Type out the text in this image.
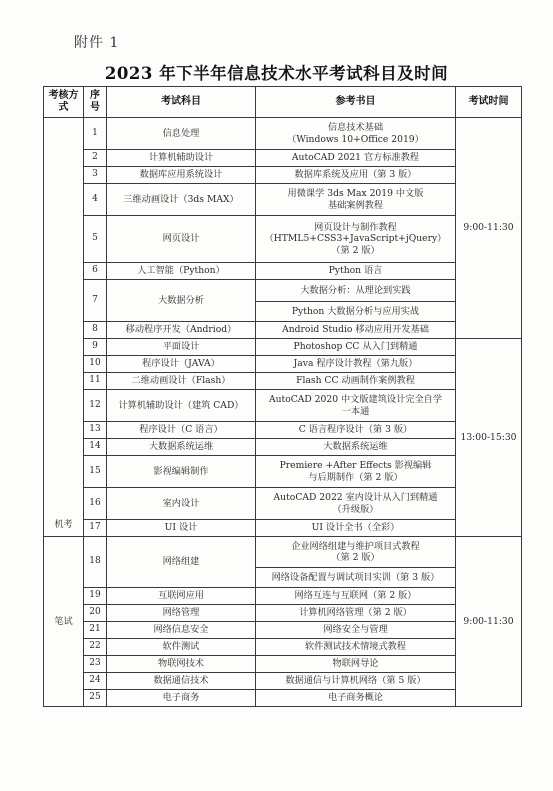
附件 1
2023 年下半年信息技术水平考试科目及时间
考核方式	序号	考试科目	参考书目	考试时间
机考	1	信息处理	信息技术基础
（Windows 10+Office 2019）	9:00-11:30
	2	计算机辅助设计	AutoCAD 2021 官方标准教程	

	3	数据库应用系统设计	数据库系统及应用（第 3 版）	

	4	三维动画设计（3ds MAX）	用微课学 3ds Max 2019 中文版
基础案例教程	

	5	网页设计	网页设计与制作教程
（HTML5+CSS3+JavaScript+jQuery）
（第 2 版）	

	6	人工智能（Python）	Python 语言	

	7	大数据分析	大数据分析：从理论到实践	

			Python 大数据分析与应用实战	

	8	移动程序开发（Andriod）	Android Studio 移动应用开发基础	

	9	平面设计	Photoshop CC 从入门到精通	13:00-15:30
	10	程序设计（JAVA）	Java 程序设计教程（第九版）	

	11	二维动画设计（Flash）	Flash CC 动画制作案例教程	

	12	计算机辅助设计（建筑 CAD）	AutoCAD 2020 中文版建筑设计完全自学
一本通	

	13	程序设计（C 语言）	C 语言程序设计（第 3 版）	

	14	大数据系统运维	大数据系统运维	

	15	影视编辑制作	Premiere +After Effects 影视编辑
与后期制作（第 2 版）	

	16	室内设计	AutoCAD 2022 室内设计从入门到精通
（升级版）	

	17	UI 设计	UI 设计全书（全彩）	

笔试	18	网络组建	企业网络组建与维护项目式教程
（第 2 版）	9:00-11:30

			网络设备配置与调试项目实训（第 3 版）	

	19	互联网应用	网络互连与互联网（第 2 版）	

	20	网络管理	计算机网络管理（第 2 版）	

	21	网络信息安全	网络安全与管理	

	22	软件测试	软件测试技术情境式教程	

	23	物联网技术	物联网导论	

	24	数据通信技术	数据通信与计算机网络（第 5 版）	

	25	电子商务	电子商务概论	
